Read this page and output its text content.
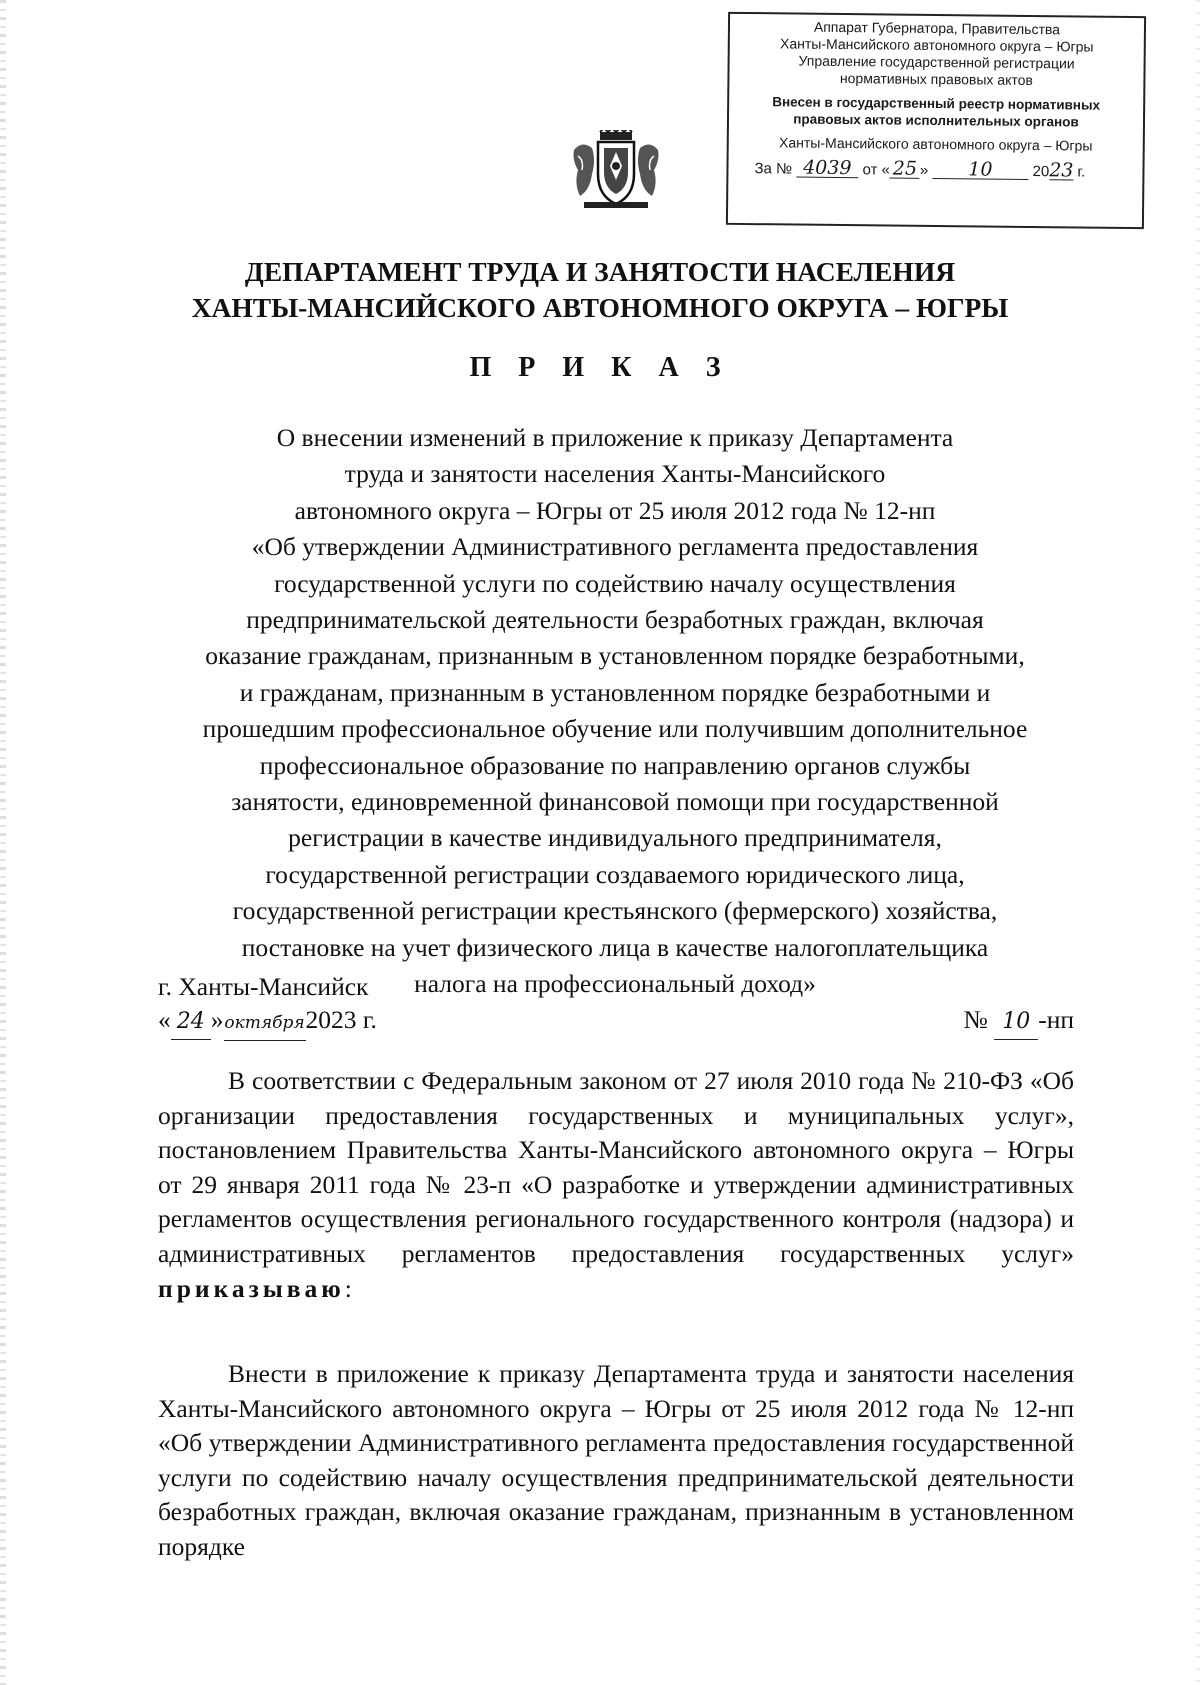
Аппарат Губернатора, Правительства
Ханты-Мансийского автономного округа – Югры
Управление государственной регистрации
нормативных правовых актов
Внесен в государственный реестр нормативных
правовых актов исполнительных органов
Ханты-Мансийского автономного округа – Югры
За № 4039 от « 25 » 10	2023 г.
ДЕПАРТАМЕНТ ТРУДА И ЗАНЯТОСТИ НАСЕЛЕНИЯ
ХАНТЫ-МАНСИЙСКОГО АВТОНОМНОГО ОКРУГА – ЮГРЫ
П Р И К А З
О внесении изменений в приложение к приказу Департамента
труда и занятости населения Ханты-Мансийского
автономного округа – Югры от 25 июля 2012 года № 12-нп
«Об утверждении Административного регламента предоставления
государственной услуги по содействию началу осуществления
предпринимательской деятельности безработных граждан, включая
оказание гражданам, признанным в установленном порядке безработными,
и гражданам, признанным в установленном порядке безработными и
прошедшим профессиональное обучение или получившим дополнительное
профессиональное образование по направлению органов службы
занятости, единовременной финансовой помощи при государственной
регистрации в качестве индивидуального предпринимателя,
государственной регистрации создаваемого юридического лица,
государственной регистрации крестьянского (фермерского) хозяйства,
постановке на учет физического лица в качестве налогоплательщика
налога на профессиональный доход»
г. Ханты-Мансийск
« 24 »октября2023 г.	№ 10 -нп
В соответствии с Федеральным законом от 27 июля 2010 года № 210-ФЗ «Об организации предоставления государственных и муниципальных услуг», постановлением Правительства Ханты-Мансийского автономного округа – Югры от 29 января 2011 года № 23-п «О разработке и утверждении административных регламентов осуществления регионального государственного контроля (надзора) и административных регламентов предоставления государственных услуг» приказываю:
Внести в приложение к приказу Департамента труда и занятости населения Ханты-Мансийского автономного округа – Югры от 25 июля 2012 года № 12-нп «Об утверждении Административного регламента предоставления государственной услуги по содействию началу осуществления предпринимательской деятельности безработных граждан, включая оказание гражданам, признанным в установленном порядке
